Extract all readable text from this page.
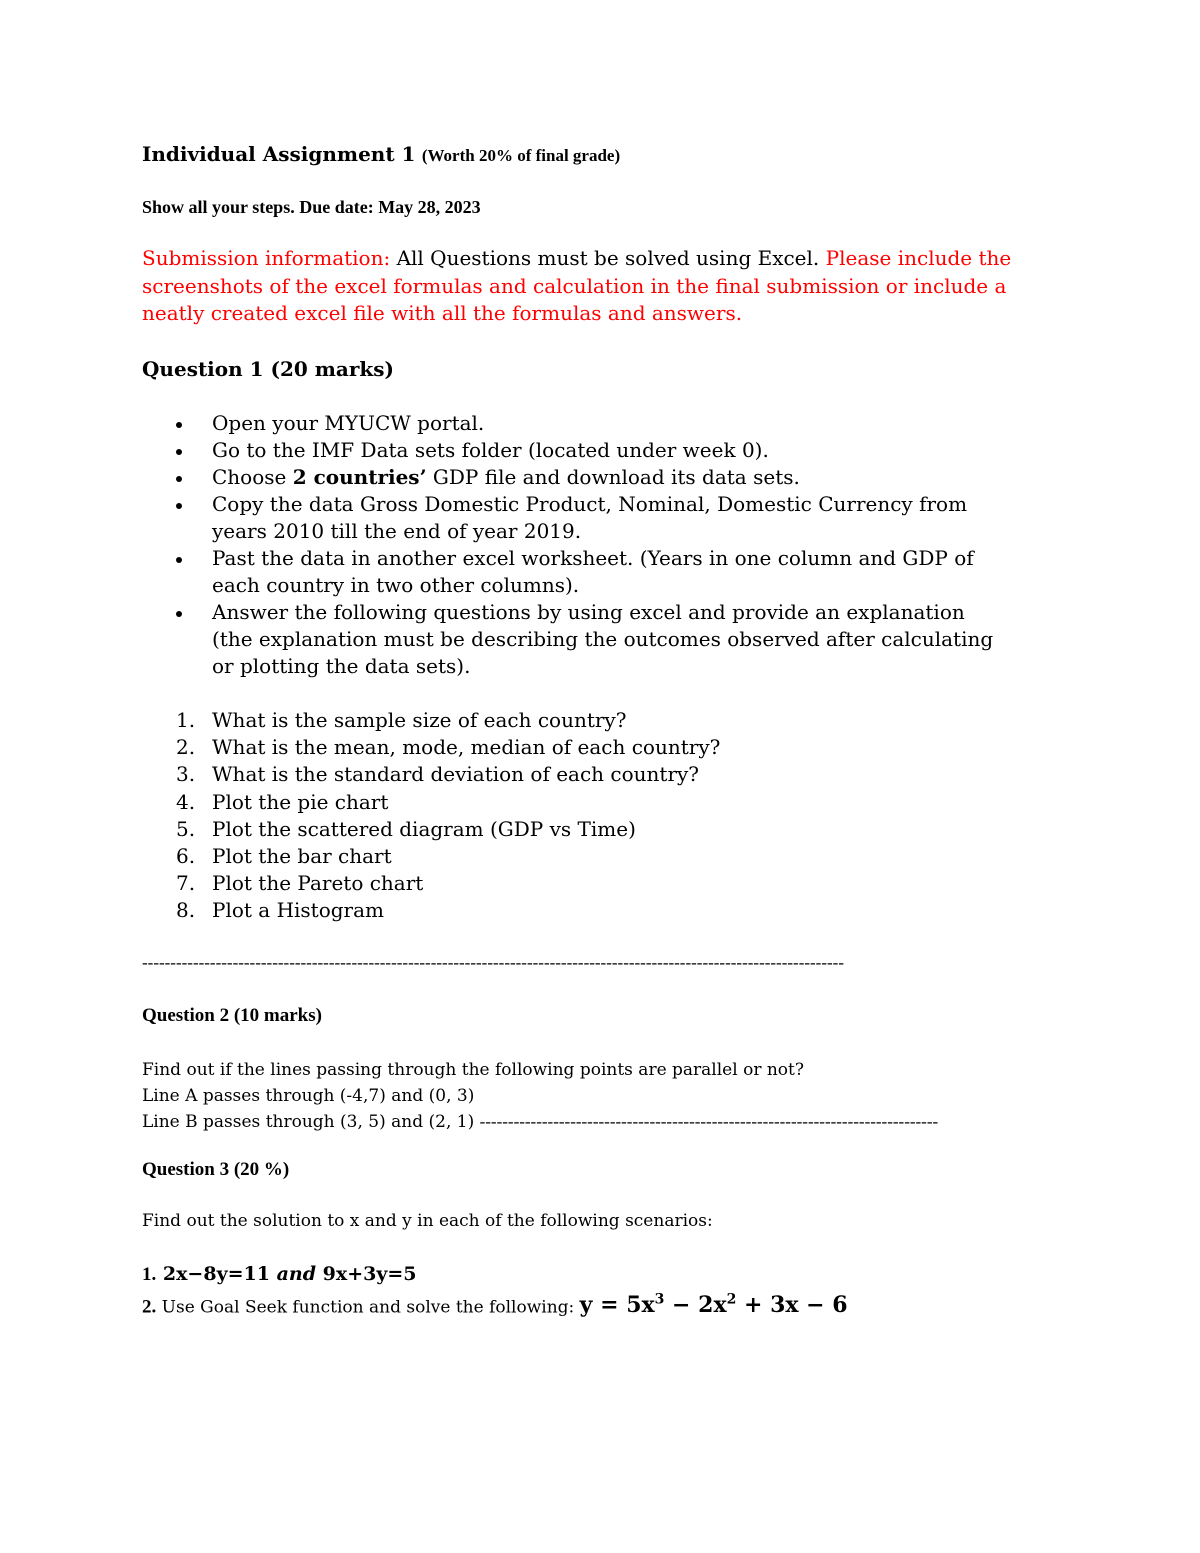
Individual Assignment 1 (Worth 20% of final grade)
Show all your steps. Due date: May 28, 2023
Submission information: All Questions must be solved using Excel. Please include the screenshots of the excel formulas and calculation in the final submission or include a neatly created excel file with all the formulas and answers.
Question 1 (20 marks)
Open your MYUCW portal.
Go to the IMF Data sets folder (located under week 0).
Choose 2 countries’ GDP file and download its data sets.
Copy the data Gross Domestic Product, Nominal, Domestic Currency from years 2010 till the end of year 2019.
Past the data in another excel worksheet. (Years in one column and GDP of each country in two other columns).
Answer the following questions by using excel and provide an explanation (the explanation must be describing the outcomes observed after calculating or plotting the data sets).
1. What is the sample size of each country?
2. What is the mean, mode, median of each country?
3. What is the standard deviation of each country?
4. Plot the pie chart
5. Plot the scattered diagram (GDP vs Time)
6. Plot the bar chart
7. Plot the Pareto chart
8. Plot a Histogram
----------------------------------------------------------------------------------------------------------------------------
Question 2 (10 marks)
Find out if the lines passing through the following points are parallel or not?
Line A passes through (-4,7) and (0, 3)
Line B passes through (3, 5) and (2, 1) ---------------------------------------------------------------------------------
Question 3 (20 %)
Find out the solution to x and y in each of the following scenarios:
1. 2x−8y=11 and 9x+3y=5
2. Use Goal Seek function and solve the following: $y = 5x^3 - 2x^2 + 3x - 6$
